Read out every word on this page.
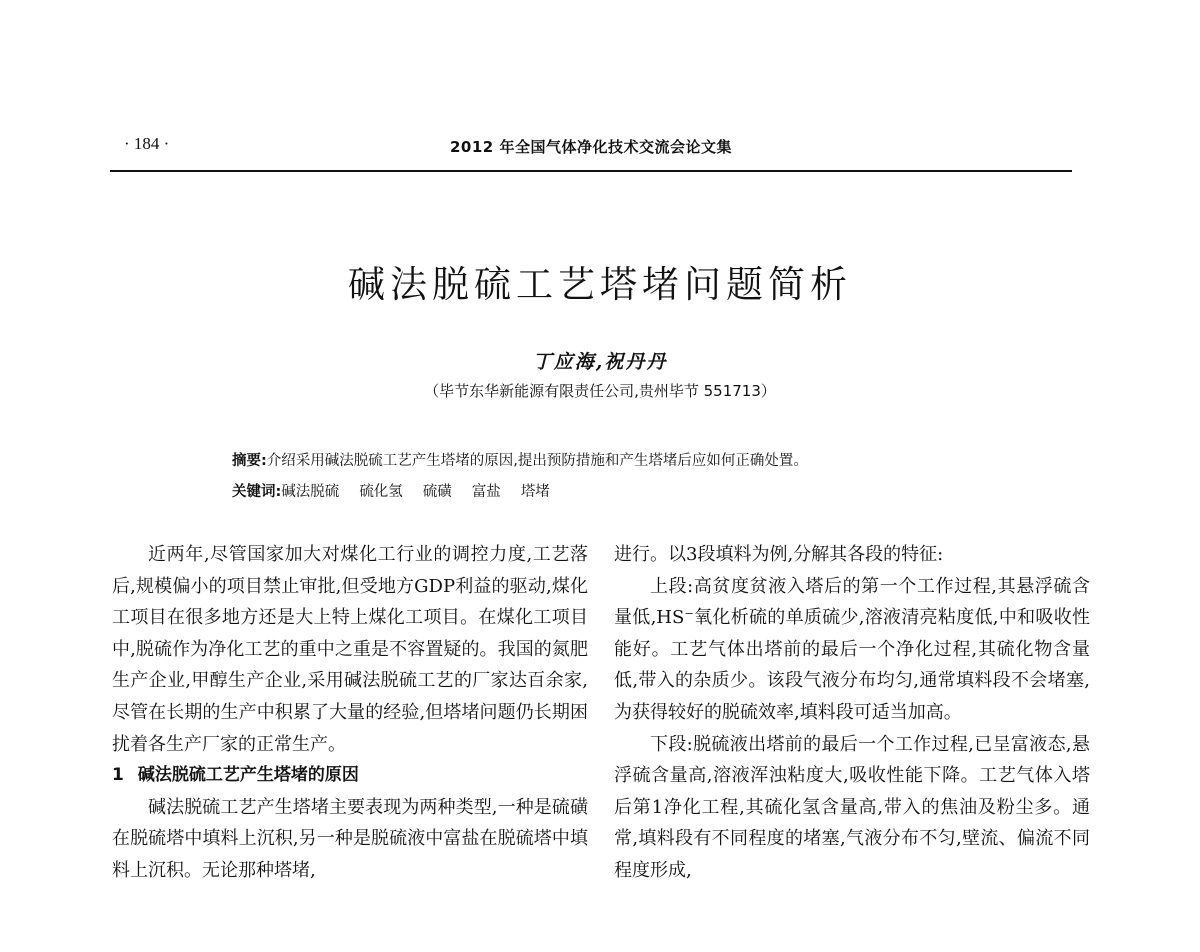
· 184 ·	2012 年全国气体净化技术交流会论文集
碱法脱硫工艺塔堵问题简析
丁应海,祝丹丹
（毕节东华新能源有限责任公司,贵州毕节 551713）
摘要:介绍采用碱法脱硫工艺产生塔堵的原因,提出预防措施和产生塔堵后应如何正确处置。
关键词:碱法脱硫 硫化氢 硫磺 富盐 塔堵

近两年,尽管国家加大对煤化工行业的调控力度,工艺落后,规模偏小的项目禁止审批,但受地方GDP利益的驱动,煤化工项目在很多地方还是大上特上煤化工项目。在煤化工项目中,脱硫作为净化工艺的重中之重是不容置疑的。我国的氮肥生产企业,甲醇生产企业,采用碱法脱硫工艺的厂家达百余家,尽管在长期的生产中积累了大量的经验,但塔堵问题仍长期困扰着各生产厂家的正常生产。

1 碱法脱硫工艺产生塔堵的原因

碱法脱硫工艺产生塔堵主要表现为两种类型,一种是硫磺在脱硫塔中填料上沉积,另一种是脱硫液中富盐在脱硫塔中填料上沉积。无论那种塔堵,

进行。以3段填料为例,分解其各段的特征:

上段:高贫度贫液入塔后的第一个工作过程,其悬浮硫含量低,HS⁻氧化析硫的单质硫少,溶液清亮粘度低,中和吸收性能好。工艺气体出塔前的最后一个净化过程,其硫化物含量低,带入的杂质少。该段气液分布均匀,通常填料段不会堵塞,为获得较好的脱硫效率,填料段可适当加高。

下段:脱硫液出塔前的最后一个工作过程,已呈富液态,悬浮硫含量高,溶液浑浊粘度大,吸收性能下降。工艺气体入塔后第1净化工程,其硫化氢含量高,带入的焦油及粉尘多。通常,填料段有不同程度的堵塞,气液分布不匀,壁流、偏流不同程度形成,
